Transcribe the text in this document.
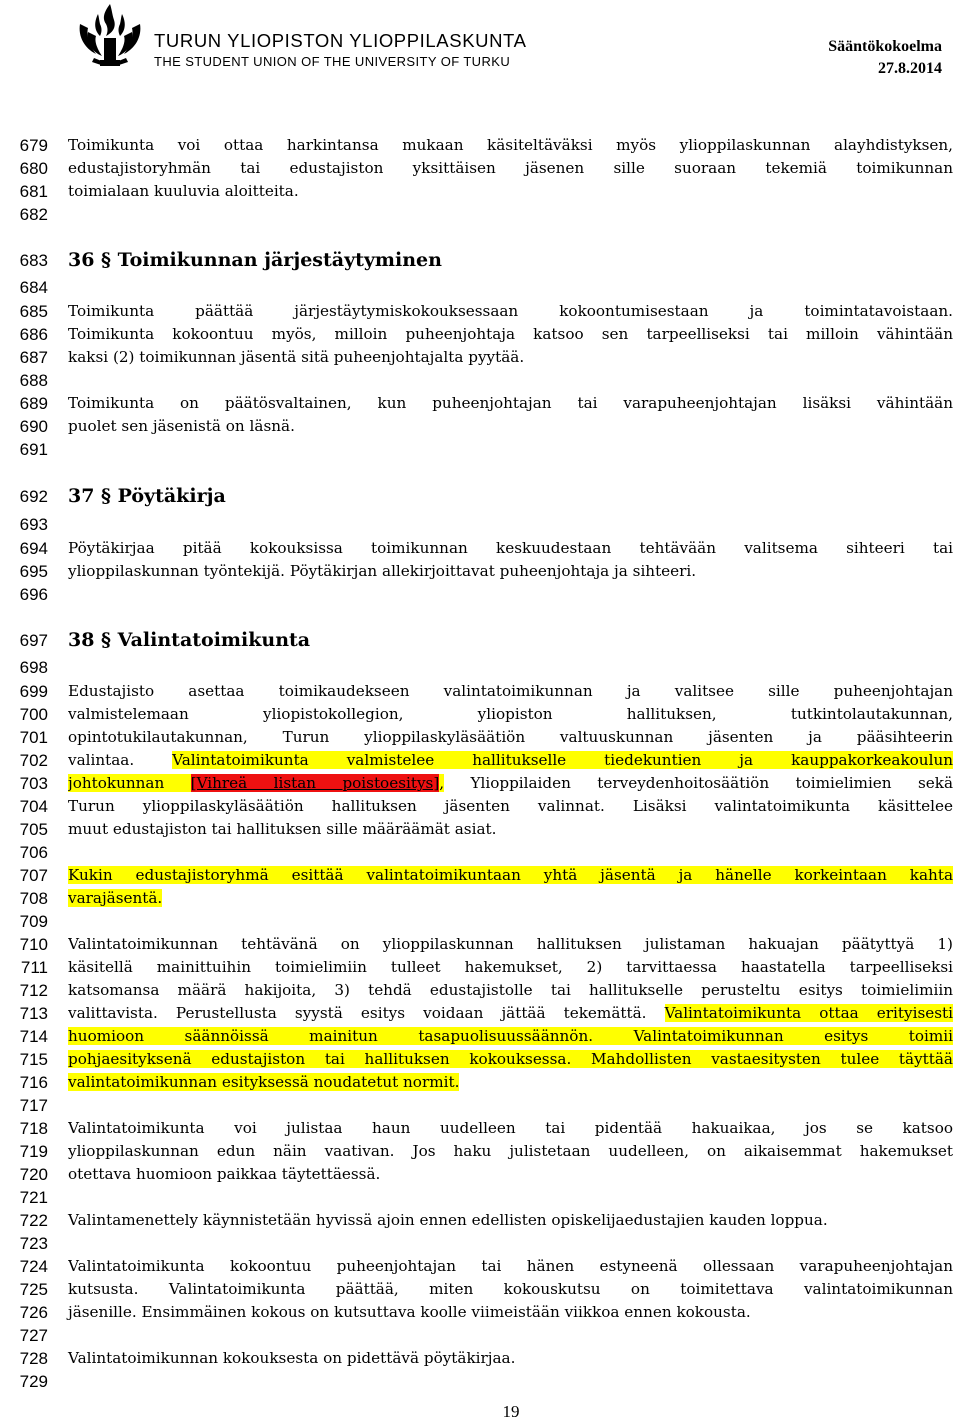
TURUN YLIOPISTON YLIOPPILASKUNTA
THE STUDENT UNION OF THE UNIVERSITY OF TURKU
Sääntökokoelma
27.8.2014
679
680
681
682
683
684
685
686
687
688
689
690
691
692
693
694
695
696
697
698
699
700
701
702
703
704
705
706
707
708
709
710
711
712
713
714
715
716
717
718
719
720
721
722
723
724
725
726
727
728
729
Toimikunta voi ottaa harkintansa mukaan käsiteltäväksi myös ylioppilaskunnan alayhdistyksen,
edustajistoryhmän tai edustajiston yksittäisen jäsenen sille suoraan tekemiä toimikunnan
toimialaan kuuluvia aloitteita.
36 § Toimikunnan järjestäytyminen
Toimikunta päättää järjestäytymiskokouksessaan kokoontumisestaan ja toimintatavoistaan.
Toimikunta kokoontuu myös, milloin puheenjohtaja katsoo sen tarpeelliseksi tai milloin vähintään
kaksi (2) toimikunnan jäsentä sitä puheenjohtajalta pyytää.
Toimikunta on päätösvaltainen, kun puheenjohtajan tai varapuheenjohtajan lisäksi vähintään
puolet sen jäsenistä on läsnä.
37 § Pöytäkirja
Pöytäkirjaa pitää kokouksissa toimikunnan keskuudestaan tehtävään valitsema sihteeri tai
ylioppilaskunnan työntekijä. Pöytäkirjan allekirjoittavat puheenjohtaja ja sihteeri.
38 § Valintatoimikunta
Edustajisto asettaa toimikaudekseen valintatoimikunnan ja valitsee sille puheenjohtajan
valmistelemaan yliopistokollegion, yliopiston hallituksen, tutkintolautakunnan,
opintotukilautakunnan, Turun ylioppilaskyläsäätiön valtuuskunnan jäsenten ja pääsihteerin
valintaa. Valintatoimikunta valmistelee hallitukselle tiedekuntien ja kauppakorkeakoulun
johtokunnan [Vihreä listan poistoesitys], Ylioppilaiden terveydenhoitosäätiön toimielimien sekä
Turun ylioppilaskyläsäätiön hallituksen jäsenten valinnat. Lisäksi valintatoimikunta käsittelee
muut edustajiston tai hallituksen sille määräämät asiat.
Kukin edustajistoryhmä esittää valintatoimikuntaan yhtä jäsentä ja hänelle korkeintaan kahta
varajäsentä.
Valintatoimikunnan tehtävänä on ylioppilaskunnan hallituksen julistaman hakuajan päätyttyä 1)
käsitellä mainittuihin toimielimiin tulleet hakemukset, 2) tarvittaessa haastatella tarpeelliseksi
katsomansa määrä hakijoita, 3) tehdä edustajistolle tai hallitukselle perusteltu esitys toimielimiin
valittavista. Perustellusta syystä esitys voidaan jättää tekemättä. Valintatoimikunta ottaa erityisesti
huomioon säännöissä mainitun tasapuolisuussäännön. Valintatoimikunnan esitys toimii
pohjaesityksenä edustajiston tai hallituksen kokouksessa. Mahdollisten vastaesitysten tulee täyttää
valintatoimikunnan esityksessä noudatetut normit.
Valintatoimikunta voi julistaa haun uudelleen tai pidentää hakuaikaa, jos se katsoo
ylioppilaskunnan edun näin vaativan. Jos haku julistetaan uudelleen, on aikaisemmat hakemukset
otettava huomioon paikkaa täytettäessä.
Valintamenettely käynnistetään hyvissä ajoin ennen edellisten opiskelijaedustajien kauden loppua.
Valintatoimikunta kokoontuu puheenjohtajan tai hänen estyneenä ollessaan varapuheenjohtajan
kutsusta. Valintatoimikunta päättää, miten kokouskutsu on toimitettava valintatoimikunnan
jäsenille. Ensimmäinen kokous on kutsuttava koolle viimeistään viikkoa ennen kokousta.
Valintatoimikunnan kokouksesta on pidettävä pöytäkirjaa.
19
